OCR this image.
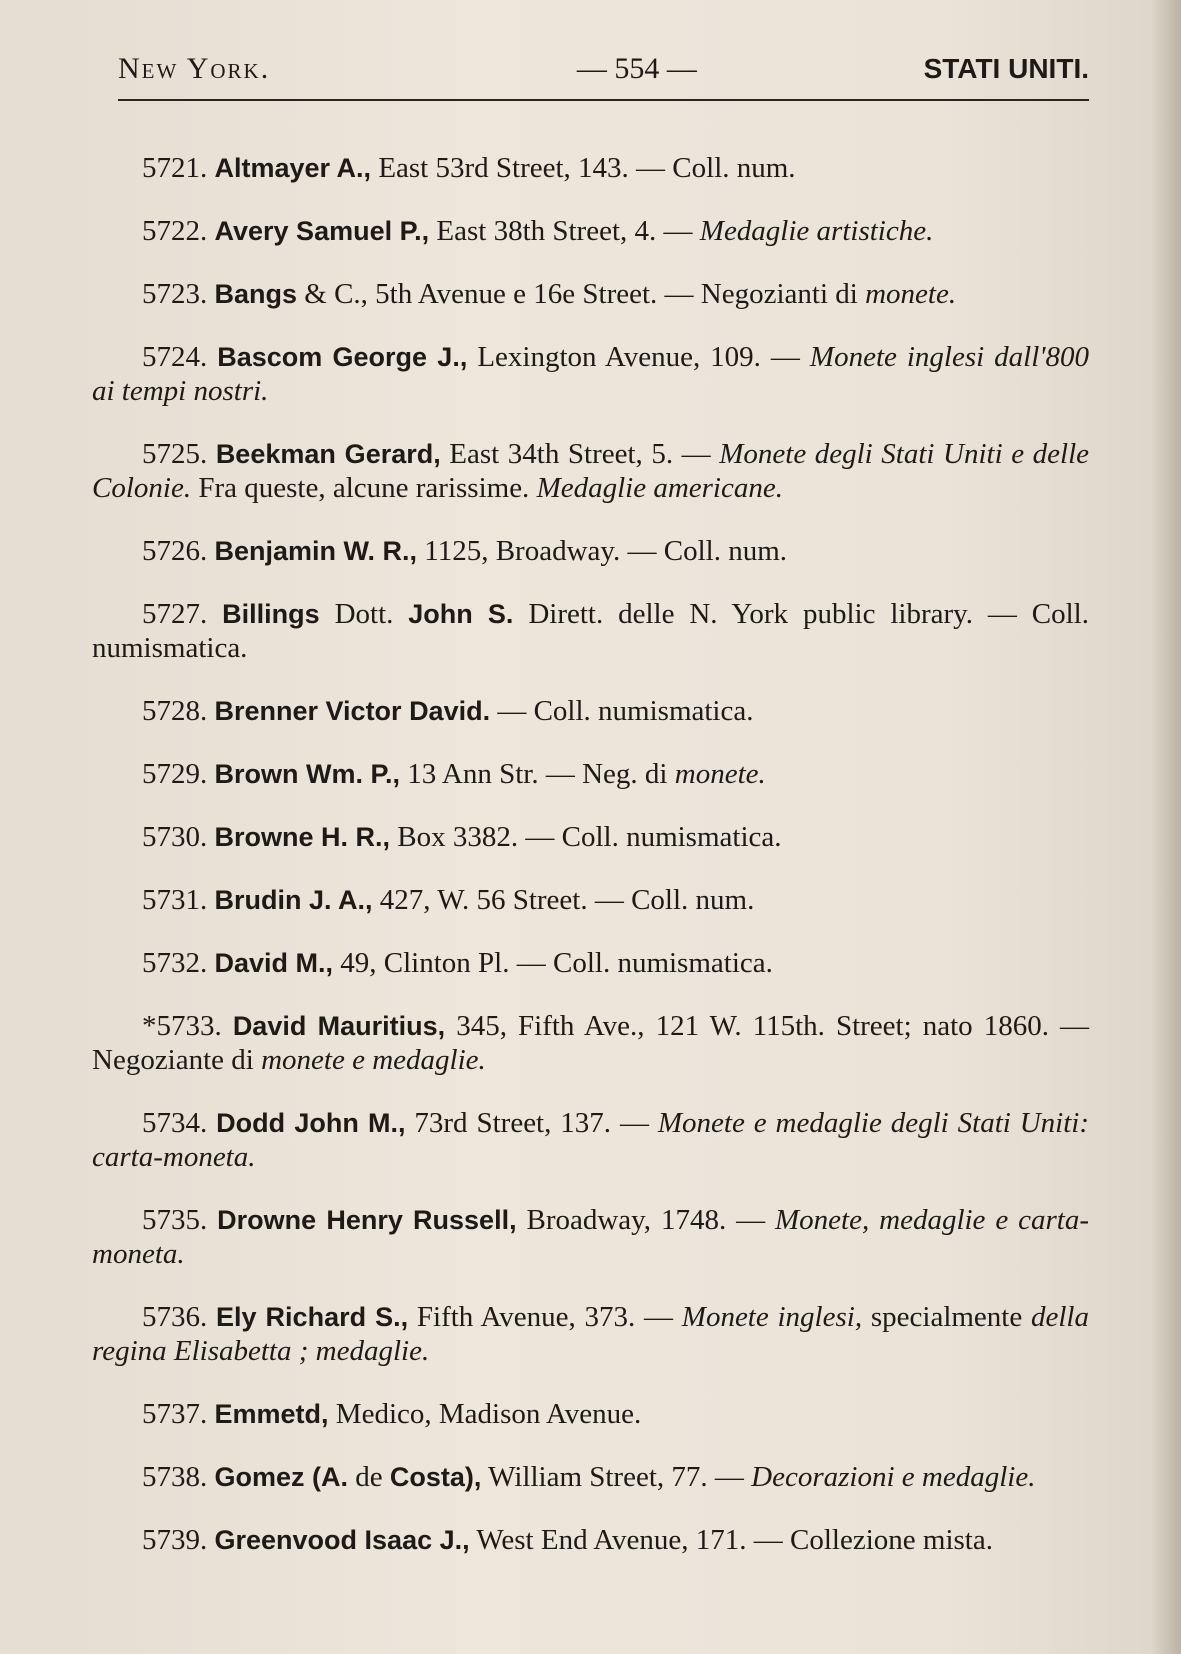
New York.	— 554 —	STATI UNITI.

5721. Altmayer A., East 53rd Street, 143. — Coll. num.

5722. Avery Samuel P., East 38th Street, 4. — Medaglie artistiche.

5723. Bangs & C., 5th Avenue e 16e Street. — Negozianti di monete.

5724. Bascom George J., Lexington Avenue, 109. — Monete inglesi dall'800 ai tempi nostri.

5725. Beekman Gerard, East 34th Street, 5. — Monete degli Stati Uniti e delle Colonie. Fra queste, alcune rarissime. Medaglie americane.

5726. Benjamin W. R., 1125, Broadway. — Coll. num.

5727. Billings Dott. John S. Dirett. delle N. York public library. — Coll. numismatica.

5728. Brenner Victor David. — Coll. numismatica.

5729. Brown Wm. P., 13 Ann Str. — Neg. di monete.

5730. Browne H. R., Box 3382. — Coll. numismatica.

5731. Brudin J. A., 427, W. 56 Street. — Coll. num.

5732. David M., 49, Clinton Pl. — Coll. numismatica.

*5733. David Mauritius, 345, Fifth Ave., 121 W. 115th. Street; nato 1860. — Negoziante di monete e medaglie.

5734. Dodd John M., 73rd Street, 137. — Monete e medaglie degli Stati Uniti: carta-moneta.

5735. Drowne Henry Russell, Broadway, 1748. — Monete, medaglie e carta-moneta.

5736. Ely Richard S., Fifth Avenue, 373. — Monete inglesi, specialmente della regina Elisabetta ; medaglie.

5737. Emmetd, Medico, Madison Avenue.

5738. Gomez (A. de Costa), William Street, 77. — Decorazioni e medaglie.

5739. Greenvood Isaac J., West End Avenue, 171. — Collezione mista.
